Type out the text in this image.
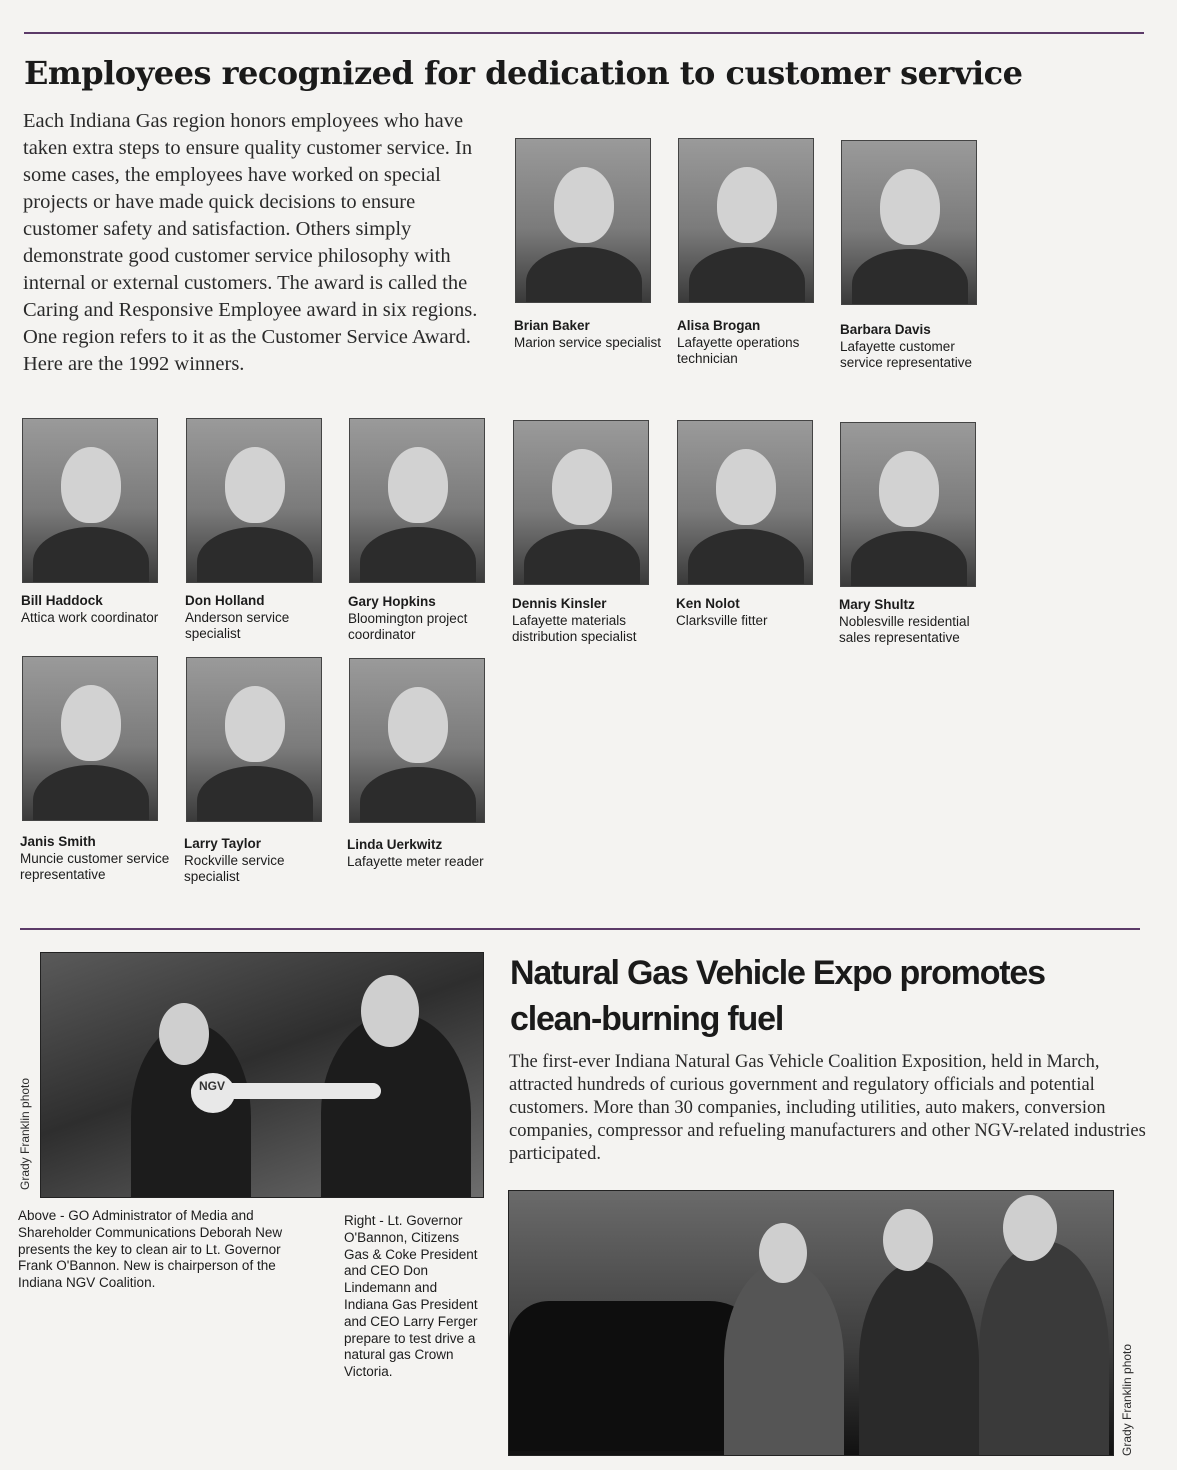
Employees recognized for dedication to customer service

Each Indiana Gas region honors employees who have taken extra steps to ensure quality customer service. In some cases, the employees have worked on special projects or have made quick decisions to ensure customer safety and satisfaction. Others simply demonstrate good customer service philosophy with internal or external customers. The award is called the Caring and Responsive Employee award in six regions. One region refers to it as the Customer Service Award. Here are the 1992 winners.

Brian Baker
Marion service specialist

Alisa Brogan
Lafayette operations technician

Barbara Davis
Lafayette customer service representative

Bill Haddock
Attica work coordinator

Don Holland
Anderson service specialist

Gary Hopkins
Bloomington project coordinator

Dennis Kinsler
Lafayette materials distribution specialist

Ken Nolot
Clarksville fitter

Mary Shultz
Noblesville residential sales representative

Janis Smith
Muncie customer service representative

Larry Taylor
Rockville service specialist

Linda Uerkwitz
Lafayette meter reader

NGV
Grady Franklin photo
Natural Gas Vehicle Expo promotes clean-burning fuel

The first-ever Indiana Natural Gas Vehicle Coalition Exposition, held in March, attracted hundreds of curious government and regulatory officials and potential customers. More than 30 companies, including utilities, auto makers, conversion companies, compressor and refueling manufacturers and other NGV-related industries participated.

Above - GO Administrator of Media and Shareholder Communications Deborah New presents the key to clean air to Lt. Governor Frank O'Bannon. New is chairperson of the Indiana NGV Coalition.

Right - Lt. Governor O'Bannon, Citizens Gas & Coke President and CEO Don Lindemann and Indiana Gas President and CEO Larry Ferger prepare to test drive a natural gas Crown Victoria.	Grady Franklin photo
